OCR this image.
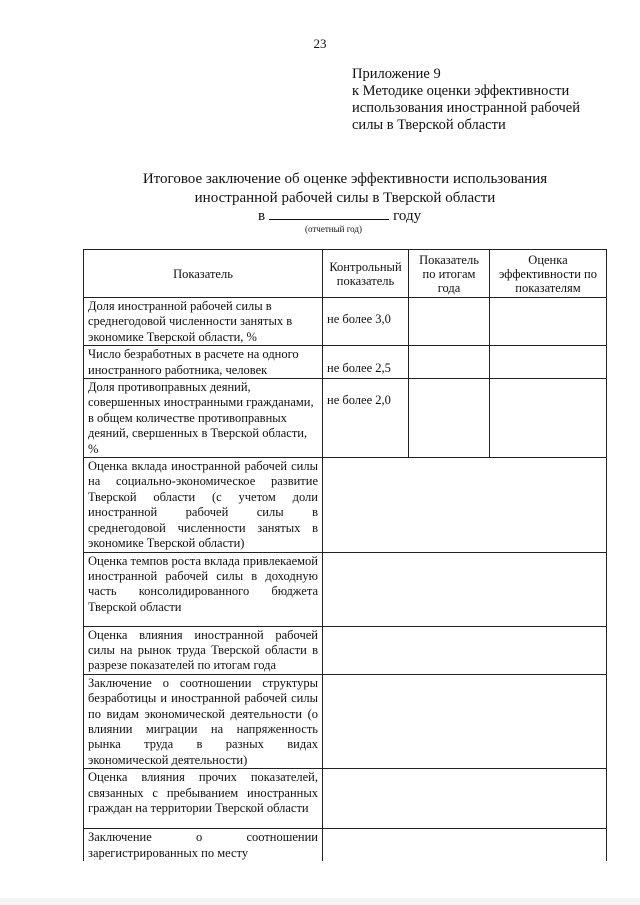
23
Приложение 9
к Методике оценки эффективности
использования иностранной рабочей
силы в Тверской области
Итоговое заключение об оценке эффективности использования
иностранной рабочей силы в Тверской области
в	году
(отчетный год)
Показатель	Контрольный показатель	Показатель по итогам года	Оценка эффективности по показателям
Доля иностранной рабочей силы в среднегодовой численности занятых в экономике Тверской области, %	не более 3,0		
Число безработных в расчете на одного иностранного работника, человек	не более 2,5		
Доля противоправных деяний, совершенных иностранными гражданами, в общем количестве противоправных деяний, свершенных в Тверской области, %	не более 2,0		
Оценка вклада иностранной рабочей силы на социально-экономическое развитие Тверской области (с учетом доли иностранной рабочей силы в среднегодовой численности занятых в экономике Тверской области)			
Оценка темпов роста вклада привлекаемой иностранной рабочей силы в доходную часть консолидированного бюджета Тверской области			
Оценка влияния иностранной рабочей силы на рынок труда Тверской области в разрезе показателей по итогам года			
Заключение о соотношении структуры безработицы и иностранной рабочей силы по видам экономической деятельности (о влиянии миграции на напряженность рынка труда в разных видах экономической деятельности)			
Оценка влияния прочих показателей, связанных с пребыванием иностранных граждан на территории Тверской области			
Заключение о соотношении зарегистрированных по месту			
